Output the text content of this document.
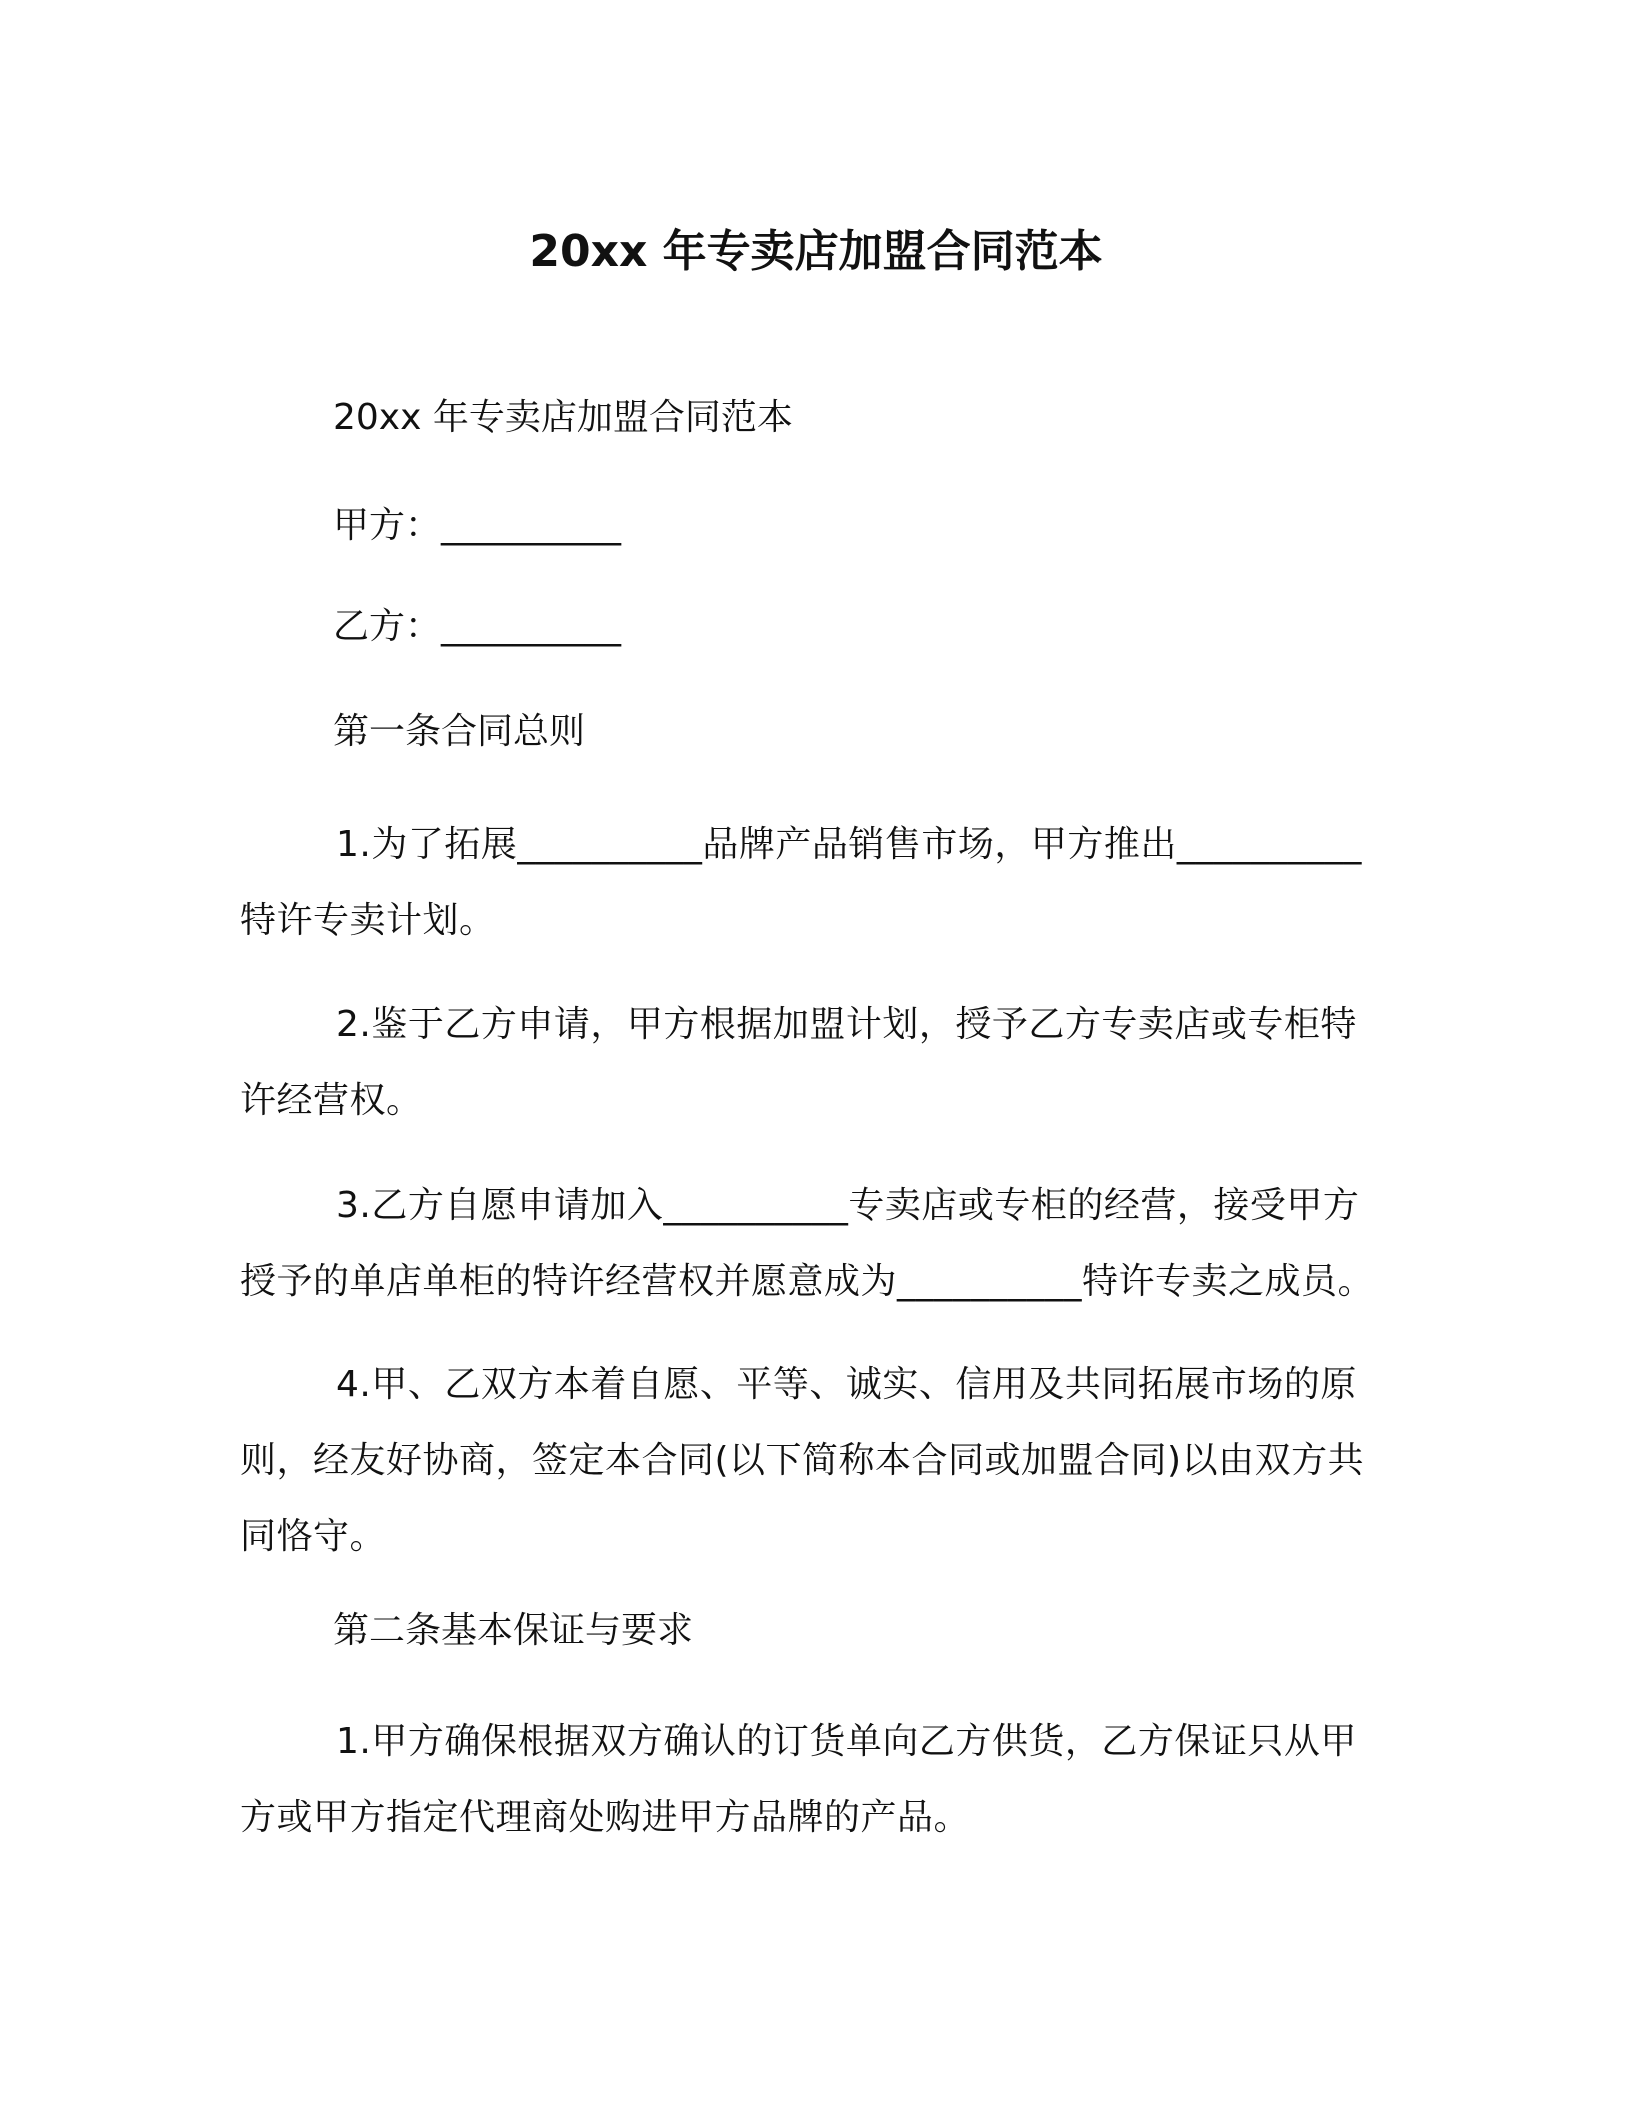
20xx 年专卖店加盟合同范本

20xx 年专卖店加盟合同范本

甲方：__________

乙方：__________

第一条合同总则

1.为了拓展__________品牌产品销售市场，甲方推出__________特许专卖计划。

2.鉴于乙方申请，甲方根据加盟计划，授予乙方专卖店或专柜特许经营权。

3.乙方自愿申请加入__________专卖店或专柜的经营，接受甲方授予的单店单柜的特许经营权并愿意成为__________特许专卖之成员。

4.甲、乙双方本着自愿、平等、诚实、信用及共同拓展市场的原则，经友好协商，签定本合同(以下简称本合同或加盟合同)以由双方共同恪守。

第二条基本保证与要求

1.甲方确保根据双方确认的订货单向乙方供货，乙方保证只从甲方或甲方指定代理商处购进甲方品牌的产品。
